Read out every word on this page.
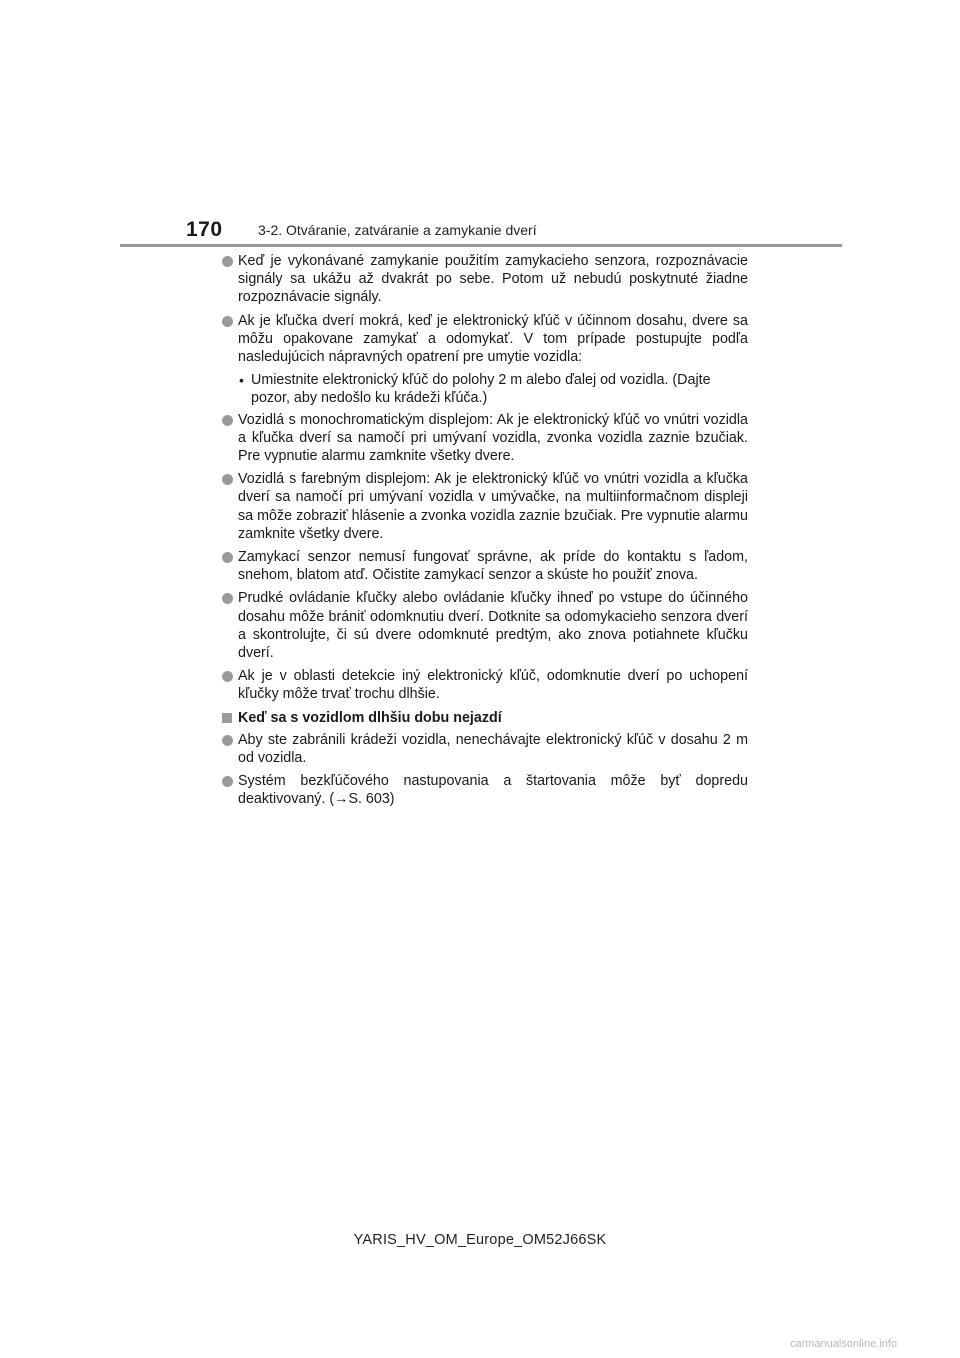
170	3-2. Otváranie, zatváranie a zamykanie dverí
Keď je vykonávané zamykanie použitím zamykacieho senzora, rozpoznávacie signály sa ukážu až dvakrát po sebe. Potom už nebudú poskytnuté žiadne rozpoznávacie signály.
Ak je kľučka dverí mokrá, keď je elektronický kľúč v účinnom dosahu, dvere sa môžu opakovane zamykať a odomykať. V tom prípade postupujte podľa nasledujúcich nápravných opatrení pre umytie vozidla:
• Umiestnite elektronický kľúč do polohy 2 m alebo ďalej od vozidla. (Dajte pozor, aby nedošlo ku krádeži kľúča.)
Vozidlá s monochromatickým displejom: Ak je elektronický kľúč vo vnútri vozidla a kľučka dverí sa namočí pri umývaní vozidla, zvonka vozidla zaznie bzučiak. Pre vypnutie alarmu zamknite všetky dvere.
Vozidlá s farebným displejom: Ak je elektronický kľúč vo vnútri vozidla a kľučka dverí sa namočí pri umývaní vozidla v umývačke, na multiinformačnom displeji sa môže zobraziť hlásenie a zvonka vozidla zaznie bzučiak. Pre vypnutie alarmu zamknite všetky dvere.
Zamykací senzor nemusí fungovať správne, ak príde do kontaktu s ľadom, snehom, blatom atď. Očistite zamykací senzor a skúste ho použiť znova.
Prudké ovládanie kľučky alebo ovládanie kľučky ihneď po vstupe do účinného dosahu môže brániť odomknutiu dverí. Dotknite sa odomykacieho senzora dverí a skontrolujte, či sú dvere odomknuté predtým, ako znova potiahnete kľučku dverí.
Ak je v oblasti detekcie iný elektronický kľúč, odomknutie dverí po uchopení kľučky môže trvať trochu dlhšie.
Keď sa s vozidlom dlhšiu dobu nejazdí
Aby ste zabránili krádeži vozidla, nenechávajte elektronický kľúč v dosahu 2 m od vozidla.
Systém bezkľúčového nastupovania a štartovania môže byť dopredu deaktivovaný. (→S. 603)
YARIS_HV_OM_Europe_OM52J66SK
carmanualsonline.info
